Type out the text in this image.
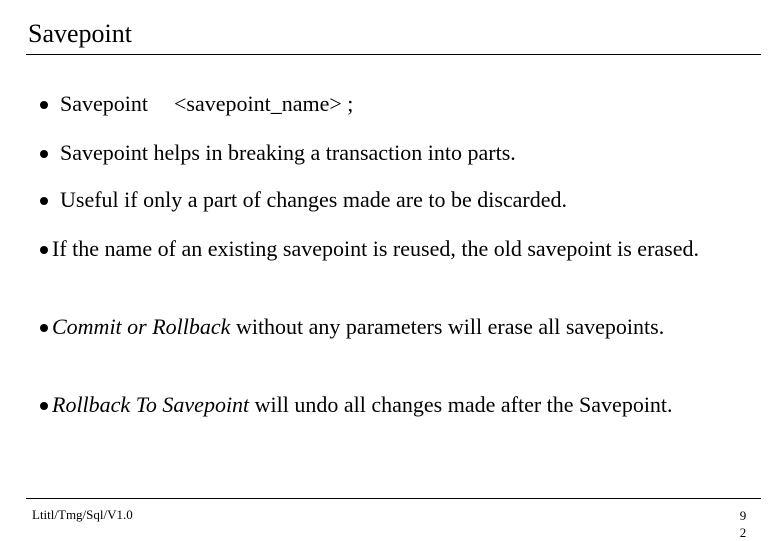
Savepoint
Savepoint <savepoint_name> ;
Savepoint helps in breaking a transaction into parts.
Useful if only a part of changes made are to be discarded.
If the name of an existing savepoint is reused, the old savepoint is erased.
Commit or Rollback without any parameters will erase all savepoints.
Rollback To Savepoint will undo all changes made after the Savepoint.
Ltitl/Tmg/Sql/V1.0	9
2
